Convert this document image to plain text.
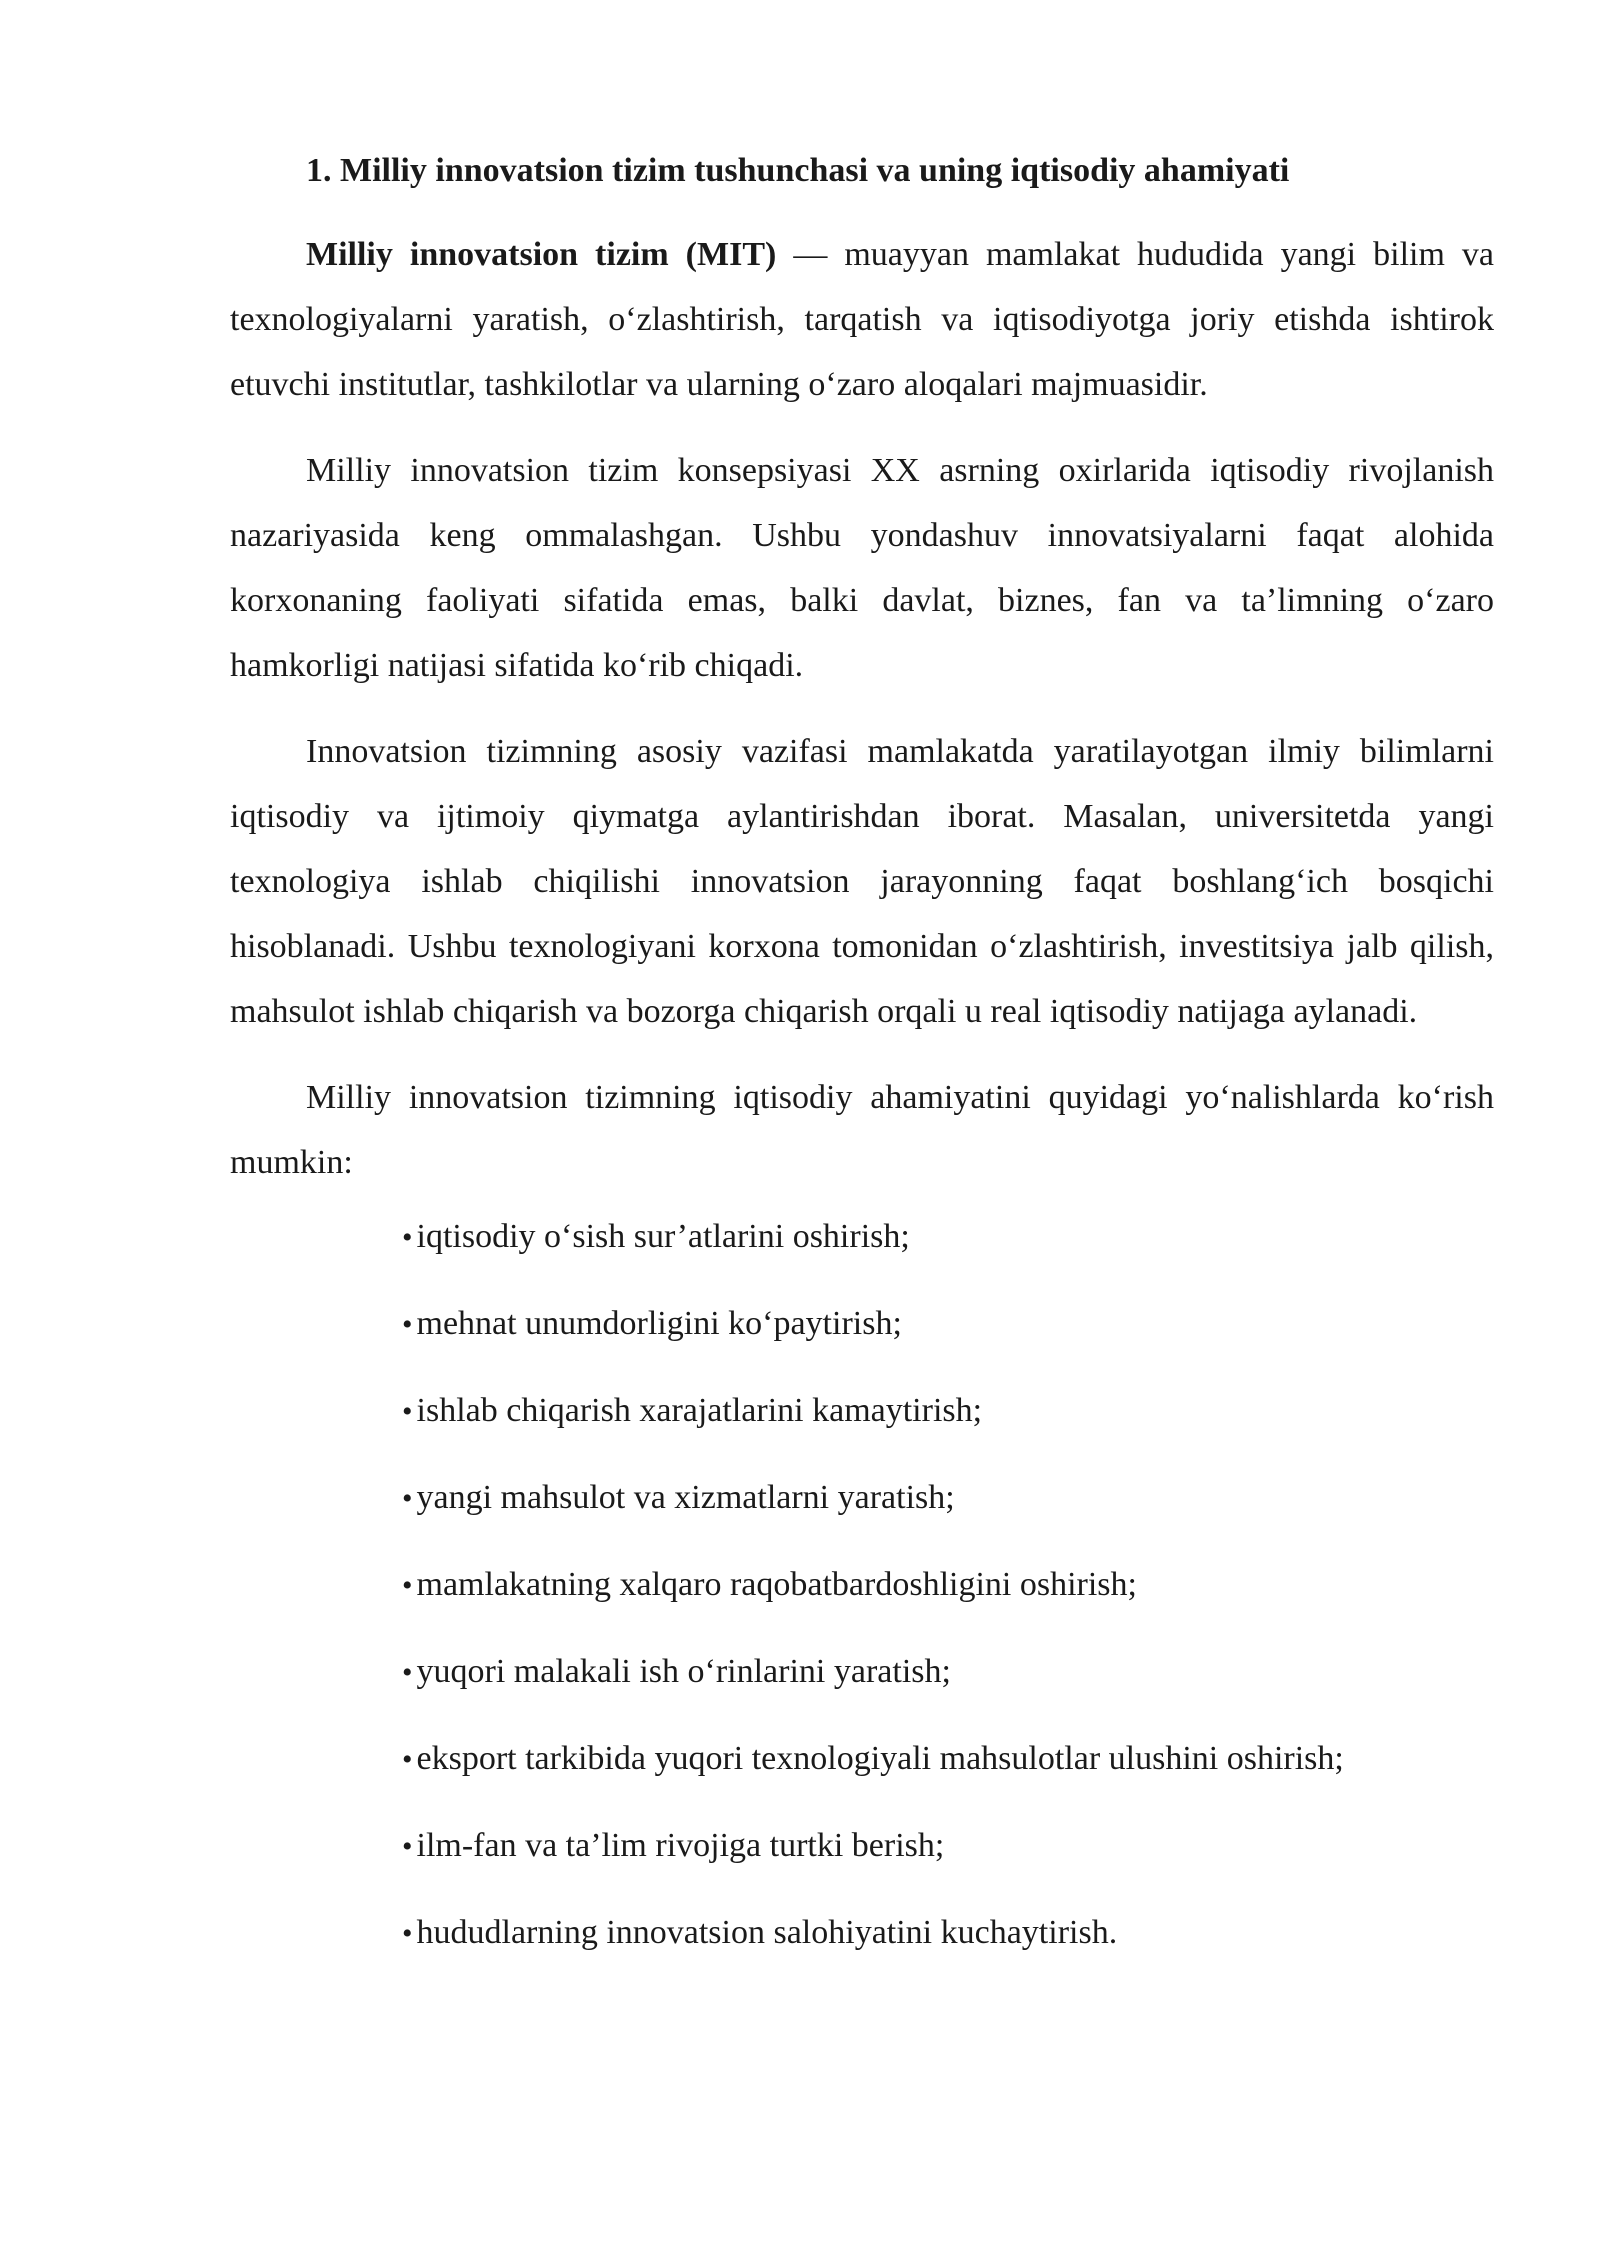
1. Milliy innovatsion tizim tushunchasi va uning iqtisodiy ahamiyati

Milliy innovatsion tizim (MIT) — muayyan mamlakat hududida yangi bilim va texnologiyalarni yaratish, o‘zlashtirish, tarqatish va iqtisodiyotga joriy etishda ishtirok etuvchi institutlar, tashkilotlar va ularning o‘zaro aloqalari majmuasidir.

Milliy innovatsion tizim konsepsiyasi XX asrning oxirlarida iqtisodiy rivojlanish nazariyasida keng ommalashgan. Ushbu yondashuv innovatsiyalarni faqat alohida korxonaning faoliyati sifatida emas, balki davlat, biznes, fan va ta’limning o‘zaro hamkorligi natijasi sifatida ko‘rib chiqadi.

Innovatsion tizimning asosiy vazifasi mamlakatda yaratilayotgan ilmiy bilimlarni iqtisodiy va ijtimoiy qiymatga aylantirishdan iborat. Masalan, universitetda yangi texnologiya ishlab chiqilishi innovatsion jarayonning faqat boshlang‘ich bosqichi hisoblanadi. Ushbu texnologiyani korxona tomonidan o‘zlashtirish, investitsiya jalb qilish, mahsulot ishlab chiqarish va bozorga chiqarish orqali u real iqtisodiy natijaga aylanadi.

Milliy innovatsion tizimning iqtisodiy ahamiyatini quyidagi yo‘nalishlarda ko‘rish mumkin:

• iqtisodiy o‘sish sur’atlarini oshirish;
• mehnat unumdorligini ko‘paytirish;
• ishlab chiqarish xarajatlarini kamaytirish;
• yangi mahsulot va xizmatlarni yaratish;
• mamlakatning xalqaro raqobatbardoshligini oshirish;
• yuqori malakali ish o‘rinlarini yaratish;
• eksport tarkibida yuqori texnologiyali mahsulotlar ulushini oshirish;
• ilm-fan va ta’lim rivojiga turtki berish;
• hududlarning innovatsion salohiyatini kuchaytirish.
